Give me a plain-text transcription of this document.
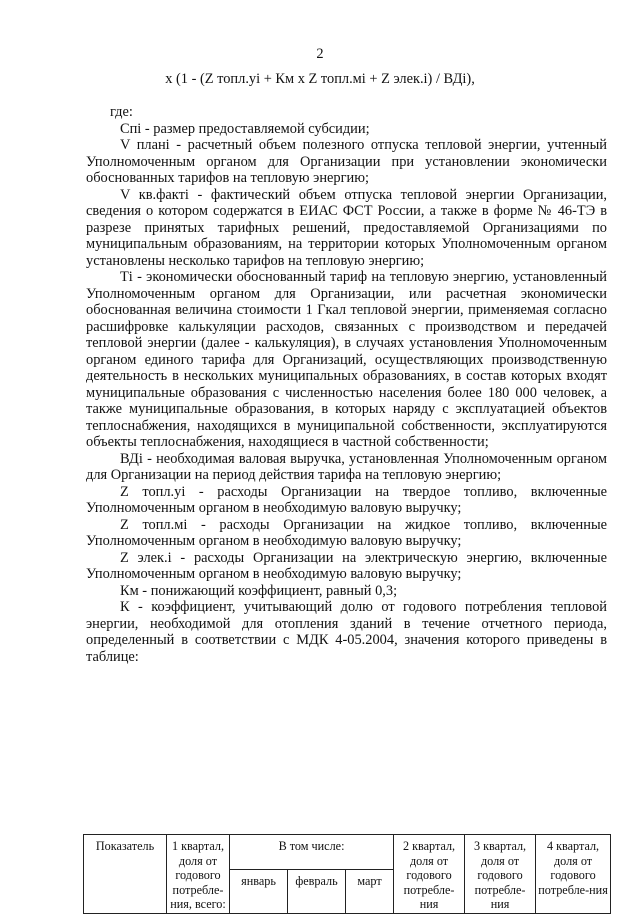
2
х (1 - (Z топл.уi + Км х Z топл.мi + Z элек.i) / ВДi),

где:

Спi - размер предоставляемой субсидии;

V планi - расчетный объем полезного отпуска тепловой энергии, учтенный Уполномоченным органом для Организации при установлении экономически обоснованных тарифов на тепловую энергию;

V кв.фактi - фактический объем отпуска тепловой энергии Организации, сведения о котором содержатся в ЕИАС ФСТ России, а также в форме № 46-ТЭ в разрезе принятых тарифных решений, предоставляемой Организациями по муниципальным образованиям, на территории которых Уполномоченным органом установлены несколько тарифов на тепловую энергию;

Тi - экономически обоснованный тариф на тепловую энергию, установленный Уполномоченным органом для Организации, или расчетная экономически обоснованная величина стоимости 1 Гкал тепловой энергии, применяемая согласно расшифровке калькуляции расходов, связанных с производством и передачей тепловой энергии (далее - калькуляция), в случаях установления Уполномоченным органом единого тарифа для Организаций, осуществляющих производственную деятельность в нескольких муниципальных образованиях, в состав которых входят муниципальные образования с численностью населения более 180 000 человек, а также муниципальные образования, в которых наряду с эксплуатацией объектов теплоснабжения, находящихся в муниципальной собственности, эксплуатируются объекты теплоснабжения, находящиеся в частной собственности;

ВДi - необходимая валовая выручка, установленная Уполномоченным органом для Организации на период действия тарифа на тепловую энергию;

Z топл.уi - расходы Организации на твердое топливо, включенные Уполномоченным органом в необходимую валовую выручку;

Z топл.мi - расходы Организации на жидкое топливо, включенные Уполномоченным органом в необходимую валовую выручку;

Z элек.i - расходы Организации на электрическую энергию, включенные Уполномоченным органом в необходимую валовую выручку;

Км - понижающий коэффициент, равный 0,3;

К - коэффициент, учитывающий долю от годового потребления тепловой энергии, необходимой для отопления зданий в течение отчетного периода, определенный в соответствии с МДК 4-05.2004, значения которого приведены в таблице:

Показатель	1 квартал, доля от годового потребле-ния, всего:	В том числе:			2 квартал, доля от годового потребле-ния	3 квартал, доля от годового потребле-ния	4 квартал, доля от годового потребле-ния
		январь	февраль	март			
